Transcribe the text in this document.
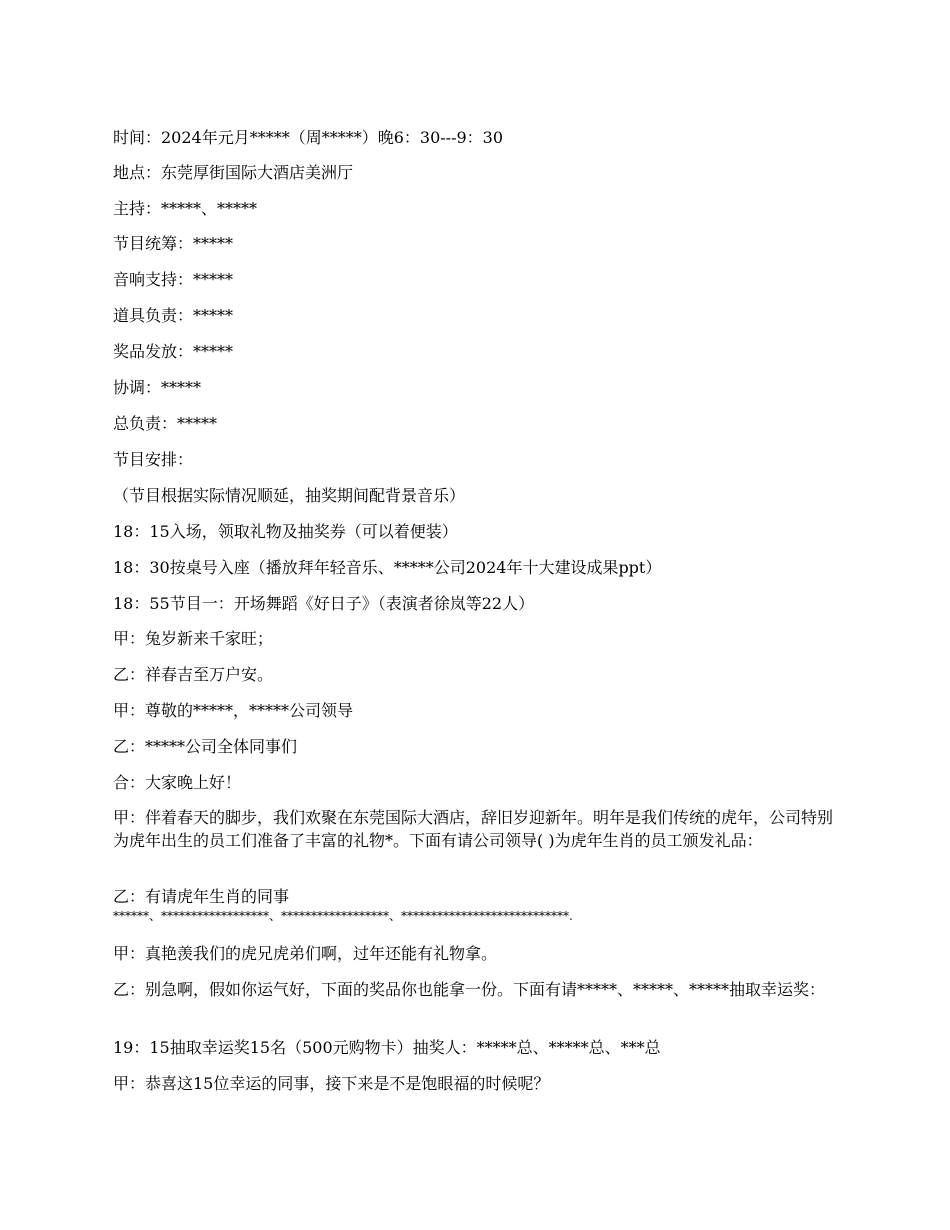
时间：2024年元月*****（周*****）晚6：30---9：30

地点：东莞厚街国际大酒店美洲厅

主持：*****、*****

节目统筹：*****

音响支持：*****

道具负责：*****

奖品发放：*****

协调：*****

总负责：*****

节目安排：

（节目根据实际情况顺延，抽奖期间配背景音乐）

18：15入场，领取礼物及抽奖券（可以着便装）

18：30按桌号入座（播放拜年轻音乐、*****公司2024年十大建设成果ppt）

18：55节目一：开场舞蹈《好日子》（表演者徐岚等22人）

甲：兔岁新来千家旺；

乙：祥春吉至万户安。

甲：尊敬的*****，*****公司领导

乙：*****公司全体同事们

合：大家晚上好！

甲：伴着春天的脚步，我们欢聚在东莞国际大酒店，辞旧岁迎新年。明年是我们传统的虎年，公司特别为虎年出生的员工们准备了丰富的礼物*。下面有请公司领导( )为虎年生肖的员工颁发礼品：

乙：有请虎年生肖的同事

******、******************、******************、****************************.

甲：真艳羡我们的虎兄虎弟们啊，过年还能有礼物拿。

乙：别急啊，假如你运气好，下面的奖品你也能拿一份。下面有请*****、*****、*****抽取幸运奖：

19：15抽取幸运奖15名（500元购物卡）抽奖人：*****总、*****总、***总

甲：恭喜这15位幸运的同事，接下来是不是饱眼福的时候呢？
